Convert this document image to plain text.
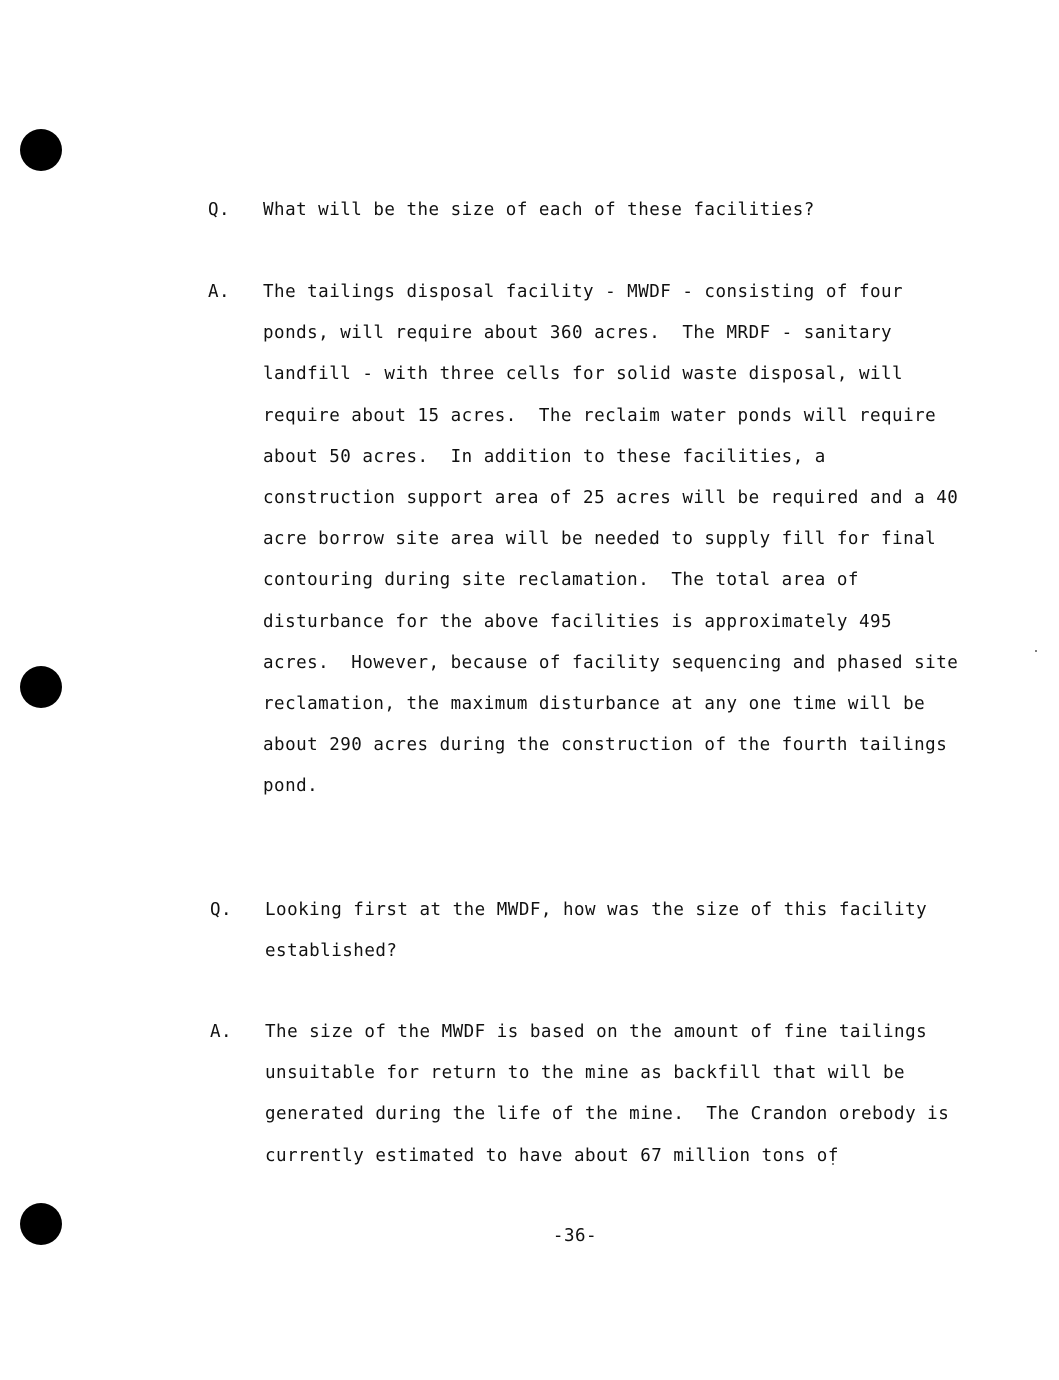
Q. What will be the size of each of these facilities?
A. The tailings disposal facility - MWDF - consisting of four
ponds, will require about 360 acres.  The MRDF - sanitary
landfill - with three cells for solid waste disposal, will
require about 15 acres.  The reclaim water ponds will require
about 50 acres.  In addition to these facilities, a
construction support area of 25 acres will be required and a 40
acre borrow site area will be needed to supply fill for final
contouring during site reclamation.  The total area of
disturbance for the above facilities is approximately 495
acres.  However, because of facility sequencing and phased site
reclamation, the maximum disturbance at any one time will be
about 290 acres during the construction of the fourth tailings
pond.
Q. Looking first at the MWDF, how was the size of this facility
established?
A. The size of the MWDF is based on the amount of fine tailings
unsuitable for return to the mine as backfill that will be
generated during the life of the mine.  The Crandon orebody is
currently estimated to have about 67 million tons of
-36-
